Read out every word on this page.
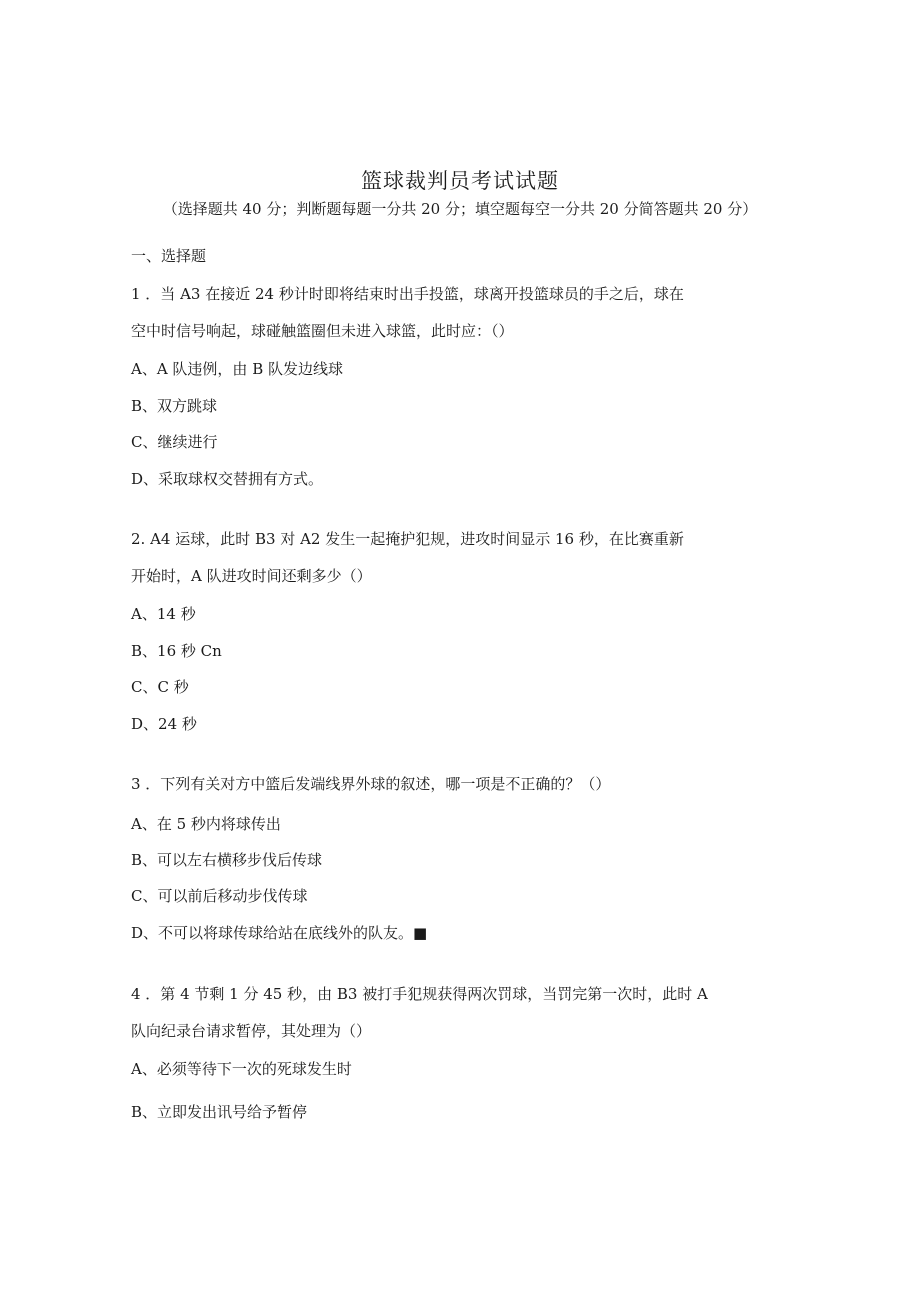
篮球裁判员考试试题
（选择题共 40 分；判断题每题一分共 20 分；填空题每空一分共 20 分简答题共 20 分）
一、选择题
1 ．当 A3 在接近 24 秒计时即将结束时出手投篮，球离开投篮球员的手之后，球在
空中时信号响起，球碰触篮圈但未进入球篮，此时应：（）
A、A 队违例，由 B 队发边线球
B、双方跳球
C、继续进行
D、采取球权交替拥有方式。
2. A4 运球，此时 B3 对 A2 发生一起掩护犯规，进攻时间显示 16 秒，在比赛重新
开始时，A 队进攻时间还剩多少（）
A、14 秒
B、16 秒 Cn
C、C 秒
D、24 秒
3 ．下列有关对方中篮后发端线界外球的叙述，哪一项是不正确的？（）
A、在 5 秒内将球传出
B、可以左右横移步伐后传球
C、可以前后移动步伐传球
D、不可以将球传球给站在底线外的队友。■
4 ．第 4 节剩 1 分 45 秒，由 B3 被打手犯规获得两次罚球，当罚完第一次时，此时 A
队向纪录台请求暂停，其处理为（）
A、必须等待下一次的死球发生时
B、立即发出讯号给予暂停
